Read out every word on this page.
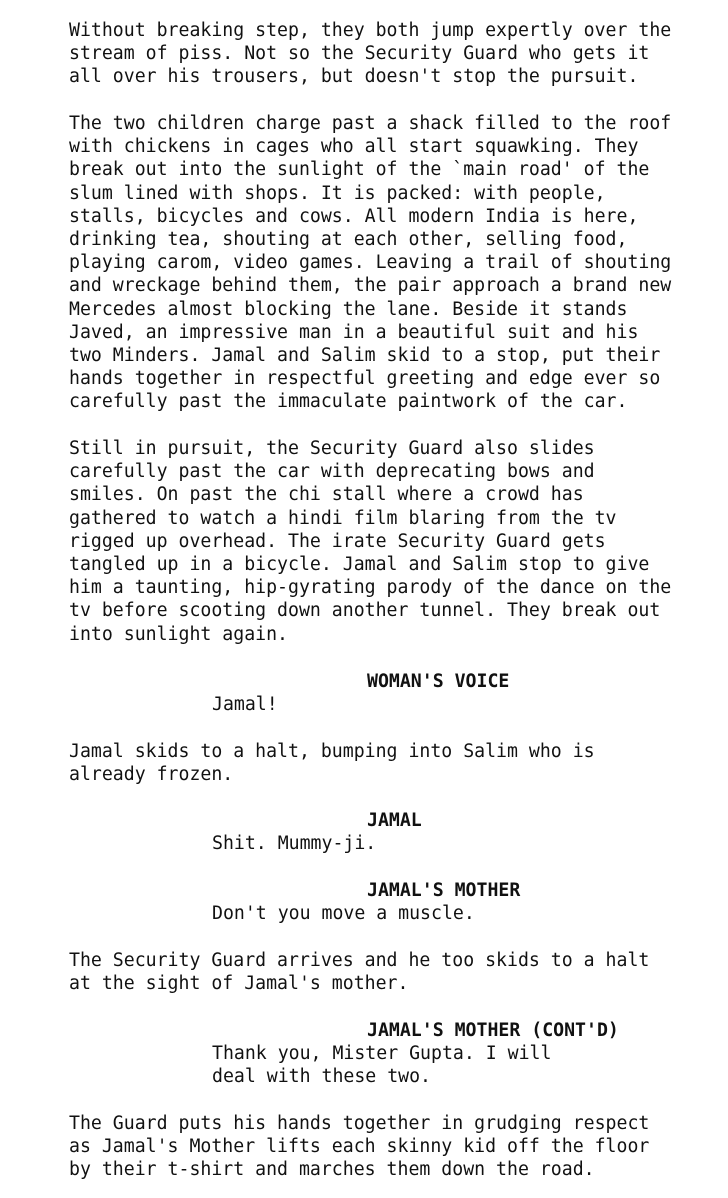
Without breaking step, they both jump expertly over the
stream of piss. Not so the Security Guard who gets it
all over his trousers, but doesn't stop the pursuit.
The two children charge past a shack filled to the roof
with chickens in cages who all start squawking. They
break out into the sunlight of the `main road' of the
slum lined with shops. It is packed: with people,
stalls, bicycles and cows. All modern India is here,
drinking tea, shouting at each other, selling food,
playing carom, video games. Leaving a trail of shouting
and wreckage behind them, the pair approach a brand new
Mercedes almost blocking the lane. Beside it stands
Javed, an impressive man in a beautiful suit and his
two Minders. Jamal and Salim skid to a stop, put their
hands together in respectful greeting and edge ever so
carefully past the immaculate paintwork of the car.
Still in pursuit, the Security Guard also slides
carefully past the car with deprecating bows and
smiles. On past the chi stall where a crowd has
gathered to watch a hindi film blaring from the tv
rigged up overhead. The irate Security Guard gets
tangled up in a bicycle. Jamal and Salim stop to give
him a taunting, hip-gyrating parody of the dance on the
tv before scooting down another tunnel. They break out
into sunlight again.
WOMAN'S VOICE
Jamal!
Jamal skids to a halt, bumping into Salim who is
already frozen.
JAMAL
Shit. Mummy-ji.
JAMAL'S MOTHER
Don't you move a muscle.
The Security Guard arrives and he too skids to a halt
at the sight of Jamal's mother.
JAMAL'S MOTHER (CONT'D)
Thank you, Mister Gupta. I will
deal with these two.
The Guard puts his hands together in grudging respect
as Jamal's Mother lifts each skinny kid off the floor
by their t-shirt and marches them down the road.
